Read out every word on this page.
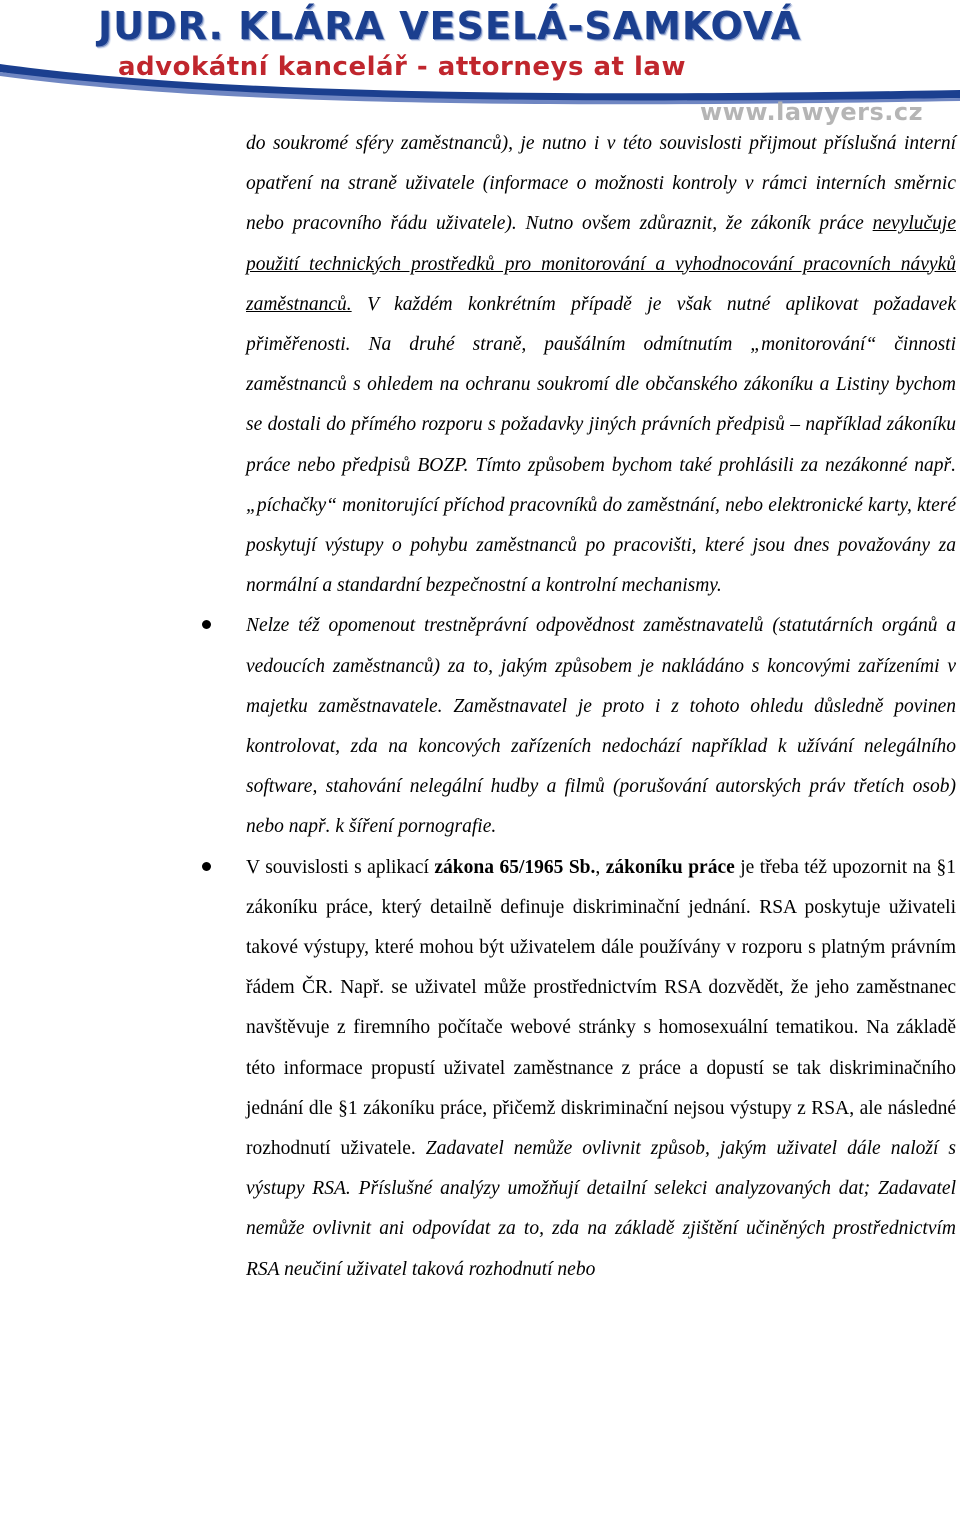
JUDR. KLÁRA VESELÁ-SAMKOVÁ
advokátní kancelář - attorneys at law
www.lawyers.cz

do soukromé sféry zaměstnanců), je nutno i v této souvislosti přijmout příslušná interní opatření na straně uživatele (informace o možnosti kontroly v rámci interních směrnic nebo pracovního řádu uživatele). Nutno ovšem zdůraznit, že zákoník práce nevylučuje použití technických prostředků pro monitorování a vyhodnocování pracovních návyků zaměstnanců. V každém konkrétním případě je však nutné aplikovat požadavek přiměřenosti. Na druhé straně, paušálním odmítnutím „monitorování“ činnosti zaměstnanců s ohledem na ochranu soukromí dle občanského zákoníku a Listiny bychom se dostali do přímého rozporu s požadavky jiných právních předpisů – například zákoníku práce nebo předpisů BOZP. Tímto způsobem bychom také prohlásili za nezákonné např. „píchačky“ monitorující příchod pracovníků do zaměstnání, nebo elektronické karty, které poskytují výstupy o pohybu zaměstnanců po pracovišti, které jsou dnes považovány za normální a standardní bezpečnostní a kontrolní mechanismy.

Nelze též opomenout trestněprávní odpovědnost zaměstnavatelů (statutárních orgánů a vedoucích zaměstnanců) za to, jakým způsobem je nakládáno s koncovými zařízeními v majetku zaměstnavatele. Zaměstnavatel je proto i z tohoto ohledu důsledně povinen kontrolovat, zda na koncových zařízeních nedochází například k užívání nelegálního software, stahování nelegální hudby a filmů (porušování autorských práv třetích osob) nebo např. k šíření pornografie.

V souvislosti s aplikací zákona 65/1965 Sb., zákoníku práce je třeba též upozornit na §1 zákoníku práce, který detailně definuje diskriminační jednání. RSA poskytuje uživateli takové výstupy, které mohou být uživatelem dále používány v rozporu s platným právním řádem ČR. Např. se uživatel může prostřednictvím RSA dozvědět, že jeho zaměstnanec navštěvuje z firemního počítače webové stránky s homosexuální tematikou. Na základě této informace propustí uživatel zaměstnance z práce a dopustí se tak diskriminačního jednání dle §1 zákoníku práce, přičemž diskriminační nejsou výstupy z RSA, ale následné rozhodnutí uživatele. Zadavatel nemůže ovlivnit způsob, jakým uživatel dále naloží s výstupy RSA. Příslušné analýzy umožňují detailní selekci analyzovaných dat; Zadavatel nemůže ovlivnit ani odpovídat za to, zda na základě zjištění učiněných prostřednictvím RSA neučiní uživatel taková rozhodnutí nebo
